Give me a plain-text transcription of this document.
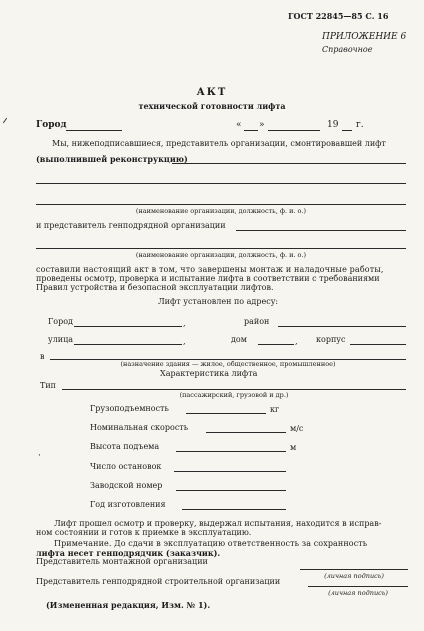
ГОСТ 22845—85 С. 16
ПРИЛОЖЕНИЕ 6
Справочное
АКТ
технической готовности лифта
Город	« »	19 г.
Мы, нижеподписавшиеся, представитель организации, смонтировавшей лифт
(выполнившей реконструкцию)
(наименование организации, должность, ф. и. о.)
и представитель генподрядной организации
(наименование организации, должность, ф. и. о.)
составили настоящий акт в том, что завершены монтаж и наладочные работы,
проведены осмотр, проверка и испытание лифта в соответствии с требованиями
Правил устройства и безопасной эксплуатации лифтов.
Лифт установлен по адресу:
Город	,	район
улица	,	дом	, корпус
в
(назначение здания — жилое, общественное, промышленное)
Характеристика лифта
Тип
(пассажирский, грузовой и др.)
Грузоподъемность	кг
Номинальная скорость	м/с
Высота подъема	м
·
Число остановок
Заводской номер
Год изготовления
Лифт прошел осмотр и проверку, выдержал испытания, находится в исправ-
ном состоянии и готов к приемке в эксплуатацию.
Примечание. До сдачи в эксплуатацию ответственность за сохранность
лифта несет генподрядчик (заказчик).
Представитель монтажной организации
(личная подпись)
Представитель генподрядной строительной организации
(личная подпись)
(Измененная редакция, Изм. № 1).
